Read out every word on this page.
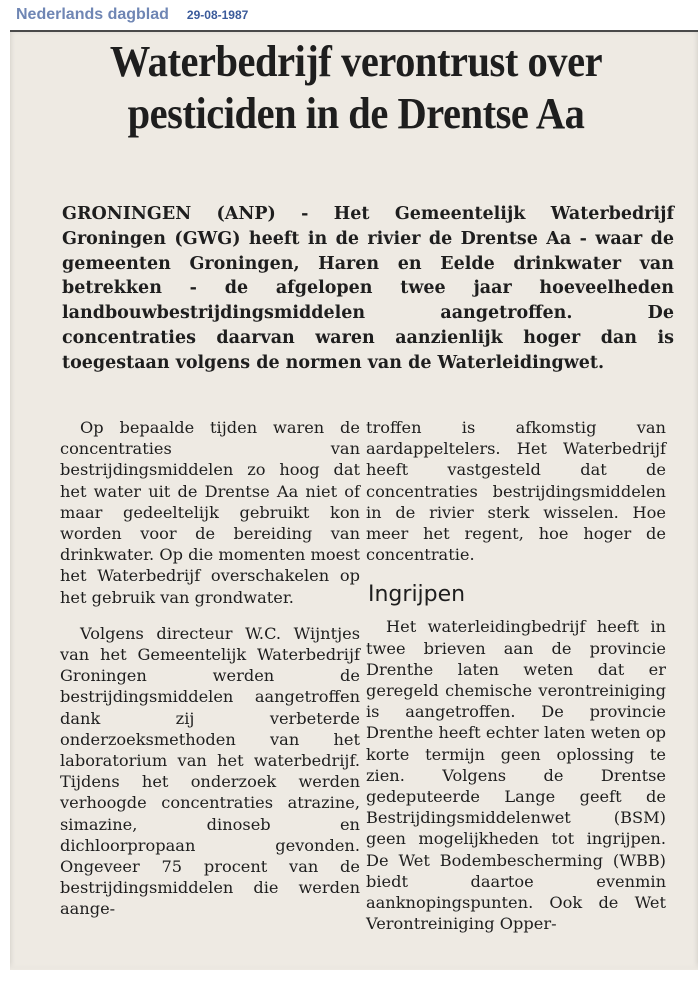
Nederlands dagblad 29-08-1987
Waterbedrijf verontrust over pesticiden in de Drentse Aa

GRONINGEN (ANP) - Het Gemeentelijk Waterbedrijf Groningen (GWG) heeft in de rivier de Drentse Aa - waar de gemeenten Groningen, Haren en Eelde drinkwater van betrekken - de afgelopen twee jaar hoeveelheden landbouwbestrijdingsmiddelen aangetroffen. De concentraties daarvan waren aanzienlijk hoger dan is toegestaan volgens de normen van de Waterleidingwet.

Op bepaalde tijden waren de concentraties van bestrijdingsmiddelen zo hoog dat het water uit de Drentse Aa niet of maar gedeeltelijk gebruikt kon worden voor de bereiding van drinkwater. Op die momenten moest het Waterbedrijf overschakelen op het gebruik van grondwater.

Volgens directeur W.C. Wijntjes van het Gemeentelijk Waterbedrijf Groningen werden de bestrijdingsmiddelen aangetroffen dank zij verbeterde onderzoeksmethoden van het laboratorium van het waterbedrijf. Tijdens het onderzoek werden verhoogde concentraties atrazine, simazine, dinoseb en dichloorpropaan gevonden. Ongeveer 75 procent van de bestrijdingsmiddelen die werden aange-

troffen is afkomstig van aardappeltelers. Het Waterbedrijf heeft vastgesteld dat de concentraties bestrijdingsmiddelen in de rivier sterk wisselen. Hoe meer het regent, hoe hoger de concentratie.

Ingrijpen

Het waterleidingbedrijf heeft in twee brieven aan de provincie Drenthe laten weten dat er geregeld chemische verontreiniging is aangetroffen. De provincie Drenthe heeft echter laten weten op korte termijn geen oplossing te zien. Volgens de Drentse gedeputeerde Lange geeft de Bestrijdingsmiddelenwet (BSM) geen mogelijkheden tot ingrijpen. De Wet Bodembescherming (WBB) biedt daartoe evenmin aanknopingspunten. Ook de Wet Verontreiniging Opper-
